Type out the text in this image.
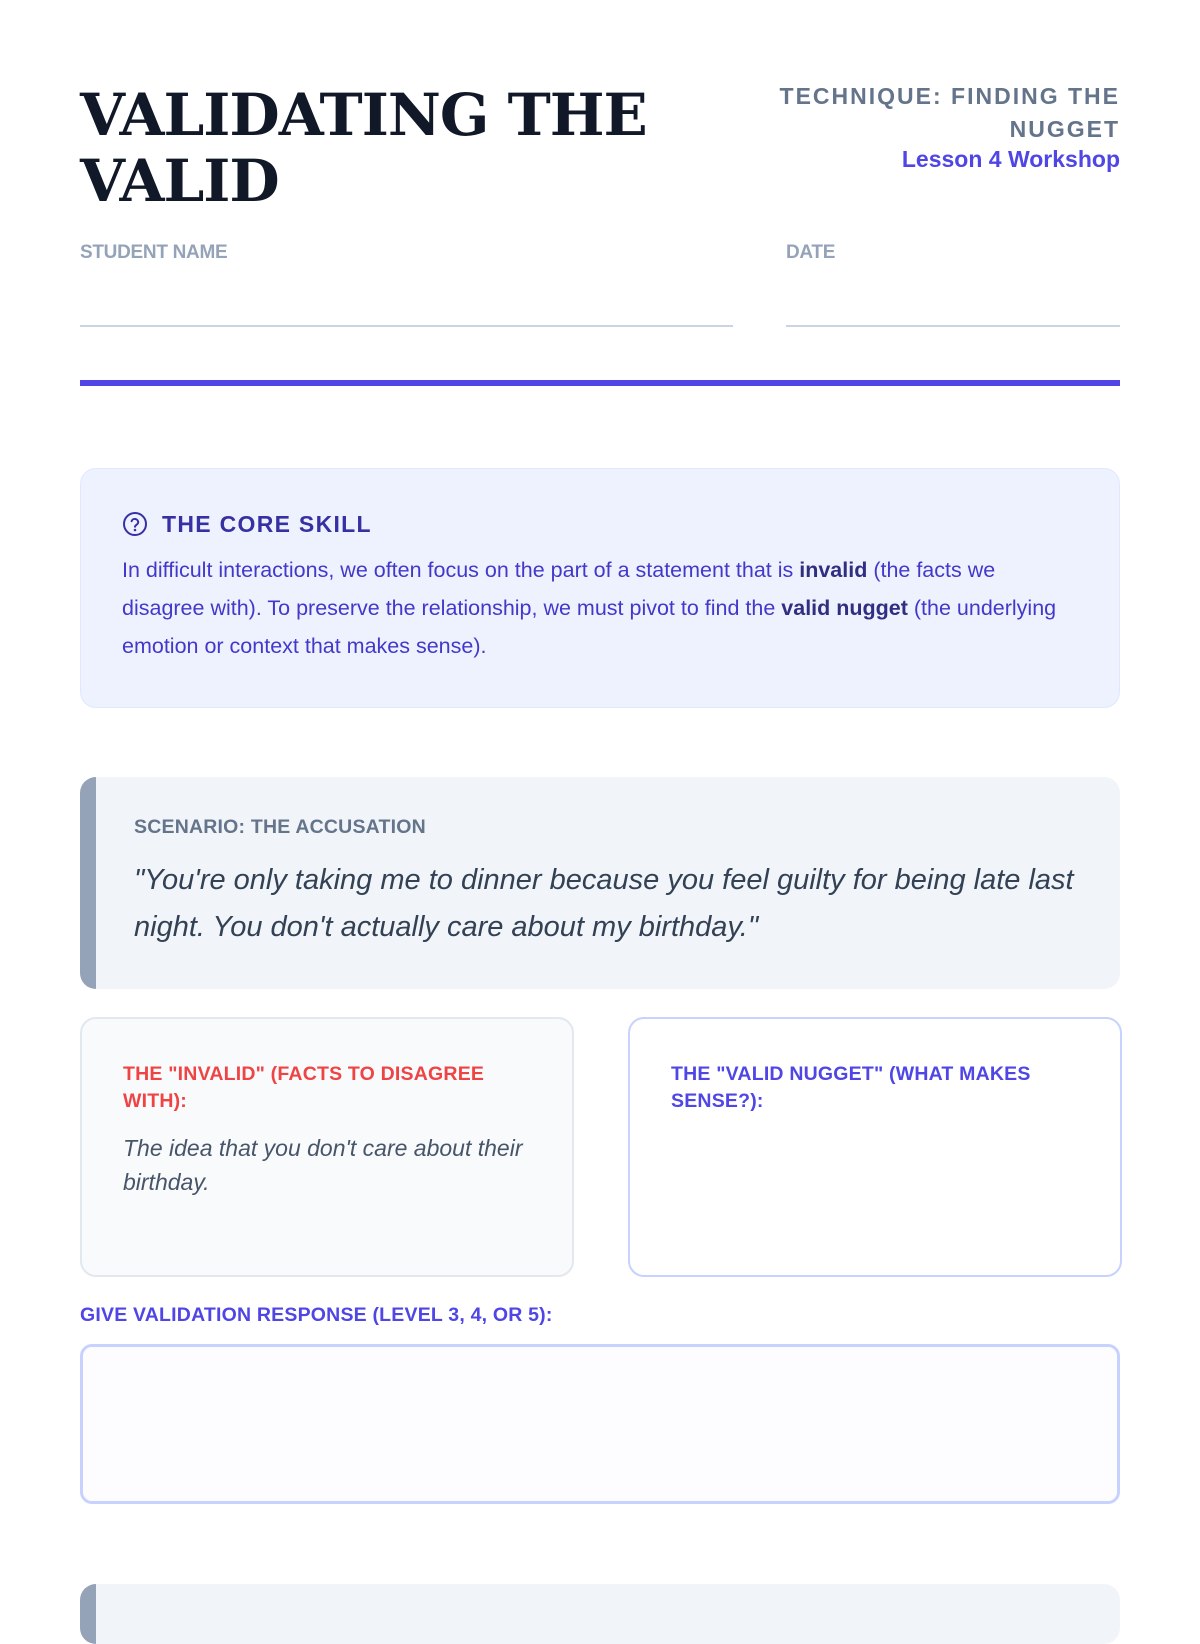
VALIDATING THE VALID
TECHNIQUE: FINDING THE NUGGET
Lesson 4 Workshop
STUDENT NAME	DATE
THE CORE SKILL

In difficult interactions, we often focus on the part of a statement that is invalid (the facts we disagree with). To preserve the relationship, we must pivot to find the valid nugget (the underlying emotion or context that makes sense).

SCENARIO: THE ACCUSATION

"You're only taking me to dinner because you feel guilty for being late last night. You don't actually care about my birthday."

THE "INVALID" (FACTS TO DISAGREE WITH):

The idea that you don't care about their birthday.

THE "VALID NUGGET" (WHAT MAKES SENSE?):
GIVE VALIDATION RESPONSE (LEVEL 3, 4, OR 5):
